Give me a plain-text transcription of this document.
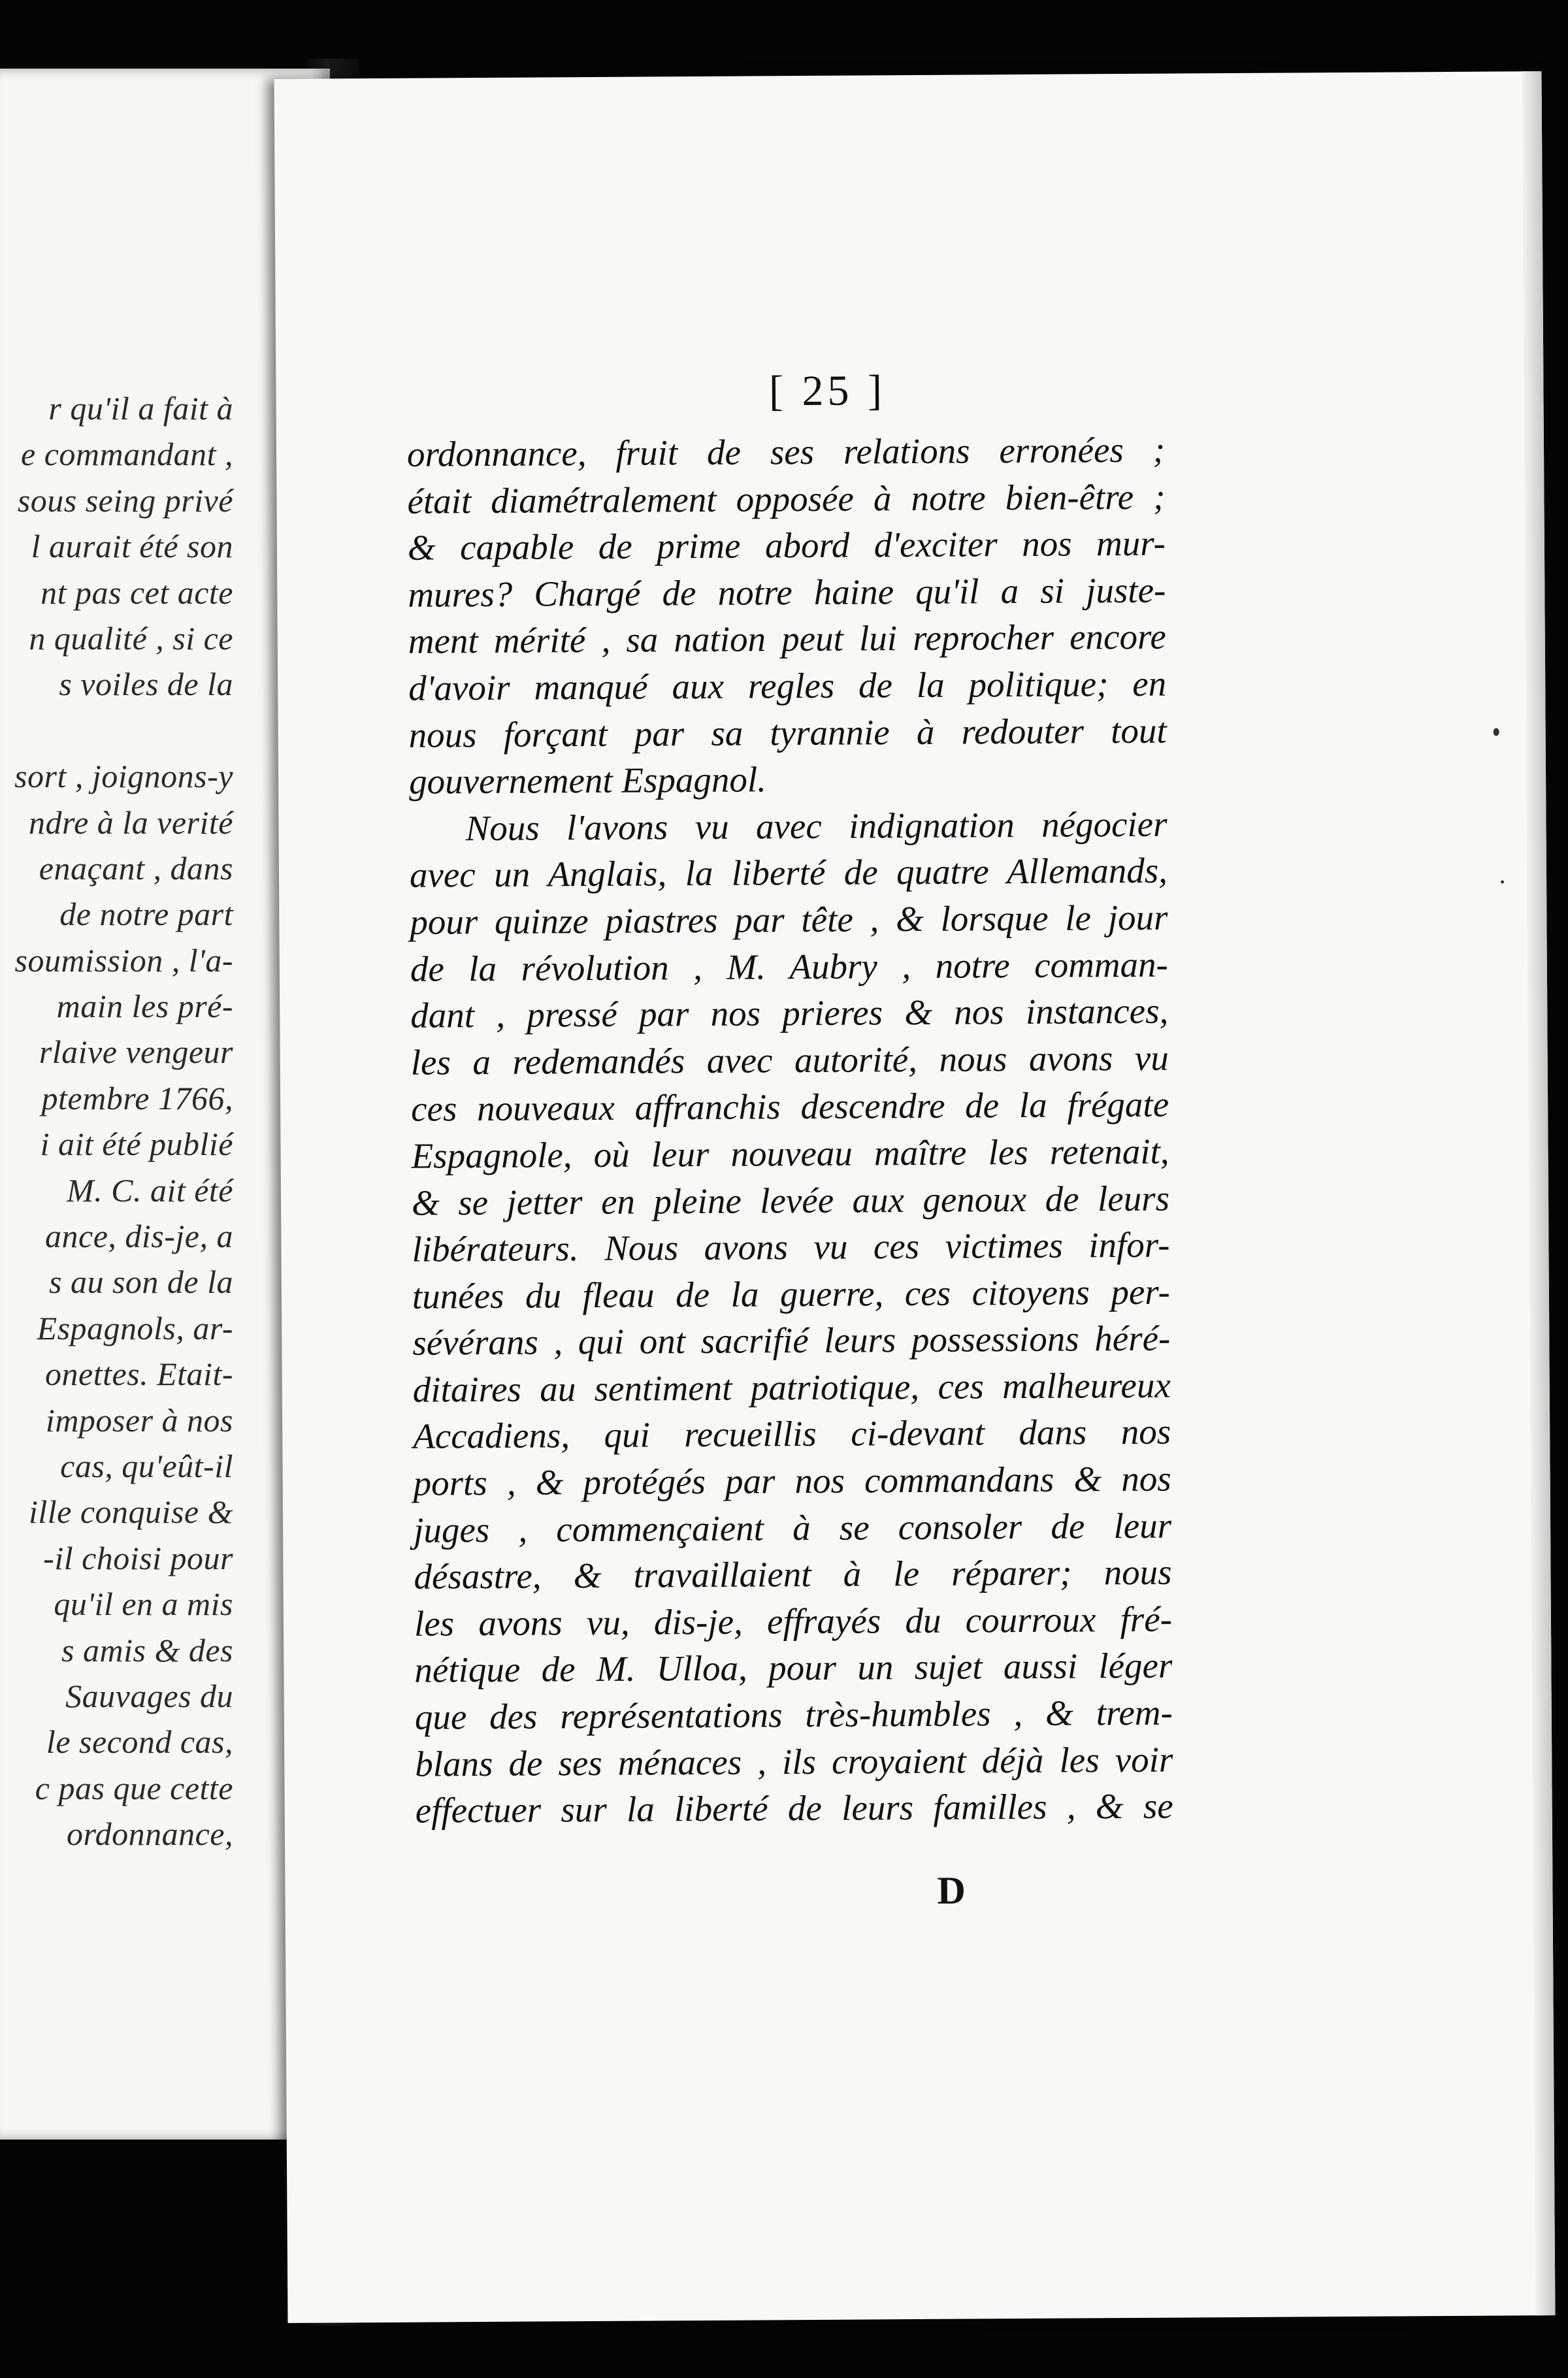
r qu'il a fait à
e commandant ,
sous seing privé
l aurait été son
nt pas cet acte
n qualité , si ce
s voiles de la
sort , joignons-y
ndre à la verité
enaçant , dans
de notre part
soumission , l'a-
main les pré-
rlaive vengeur
ptembre 1766,
i ait été publié
M. C. ait été
ance, dis-je, a
s au son de la
Espagnols, ar-
onettes. Etait-
imposer à nos
cas, qu'eût-il
ille conquise &
-il choisi pour
qu'il en a mis
s amis & des
Sauvages du
le second cas,
c pas que cette
ordonnance,
[ 25 ]
ordonnance, fruit de ses relations erronées ;
était diamétralement opposée à notre bien-être ;
& capable de prime abord d'exciter nos mur-
mures? Chargé de notre haine qu'il a si juste-
ment mérité , sa nation peut lui reprocher encore
d'avoir manqué aux regles de la politique; en
nous forçant par sa tyrannie à redouter tout
gouvernement Espagnol.
Nous l'avons vu avec indignation négocier
avec un Anglais, la liberté de quatre Allemands,
pour quinze piastres par tête , & lorsque le jour
de la révolution , M. Aubry , notre comman-
dant , pressé par nos prieres & nos instances,
les a redemandés avec autorité, nous avons vu
ces nouveaux affranchis descendre de la frégate
Espagnole, où leur nouveau maître les retenait,
& se jetter en pleine levée aux genoux de leurs
libérateurs. Nous avons vu ces victimes infor-
tunées du fleau de la guerre, ces citoyens per-
sévérans , qui ont sacrifié leurs possessions héré-
ditaires au sentiment patriotique, ces malheureux
Accadiens, qui recueillis ci-devant dans nos
ports , & protégés par nos commandans & nos
juges , commençaient à se consoler de leur
désastre, & travaillaient à le réparer; nous
les avons vu, dis-je, effrayés du courroux fré-
nétique de M. Ulloa, pour un sujet aussi léger
que des représentations très-humbles , & trem-
blans de ses ménaces , ils croyaient déjà les voir
effectuer sur la liberté de leurs familles , & se
D
